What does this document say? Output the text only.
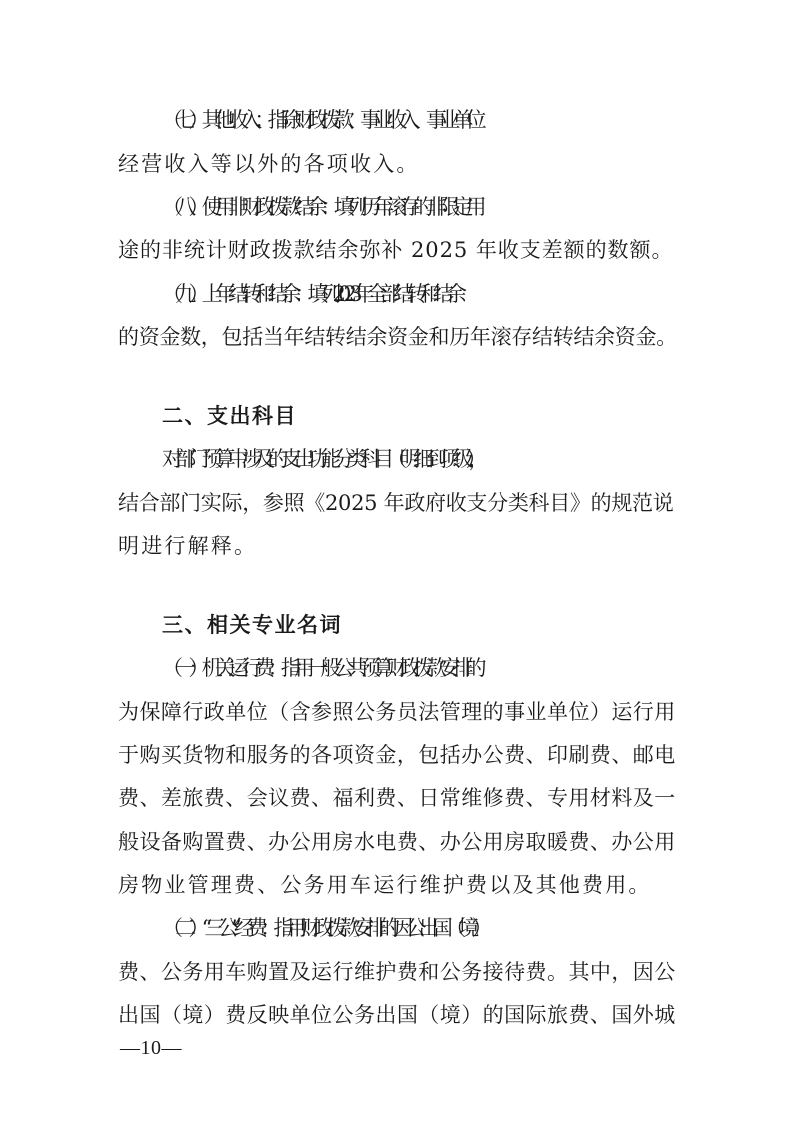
（七）其他收入：指除财政拨款、事业收入、事业单位
经营收入等以外的各项收入。
（八）使用非财政拨款结余：填列历年滚存的非限定用
途的非统计财政拨款结余弥补 2025 年收支差额的数额。
（九）上年结转和结余：填列 2023 年全部结转和结余
的资金数，包括当年结转结余资金和历年滚存结转结余资金。
二、支出科目
对部门预算中涉及的支出功能分类科目（明细到项级），
结合部门实际，参照《2025 年政府收支分类科目》的规范说
明进行解释。
三、相关专业名词
（一）机关运行费：指用一般公共预算财政拨款安排的
为保障行政单位（含参照公务员法管理的事业单位）运行用
于购买货物和服务的各项资金，包括办公费、印刷费、邮电
费、差旅费、会议费、福利费、日常维修费、专用材料及一
般设备购置费、办公用房水电费、办公用房取暖费、办公用
房物业管理费、公务用车运行维护费以及其他费用。
（二）“三公”经费：指用财政拨款安排的因公出国（境）
费、公务用车购置及运行维护费和公务接待费。其中，因公
出国（境）费反映单位公务出国（境）的国际旅费、国外城
—10—
